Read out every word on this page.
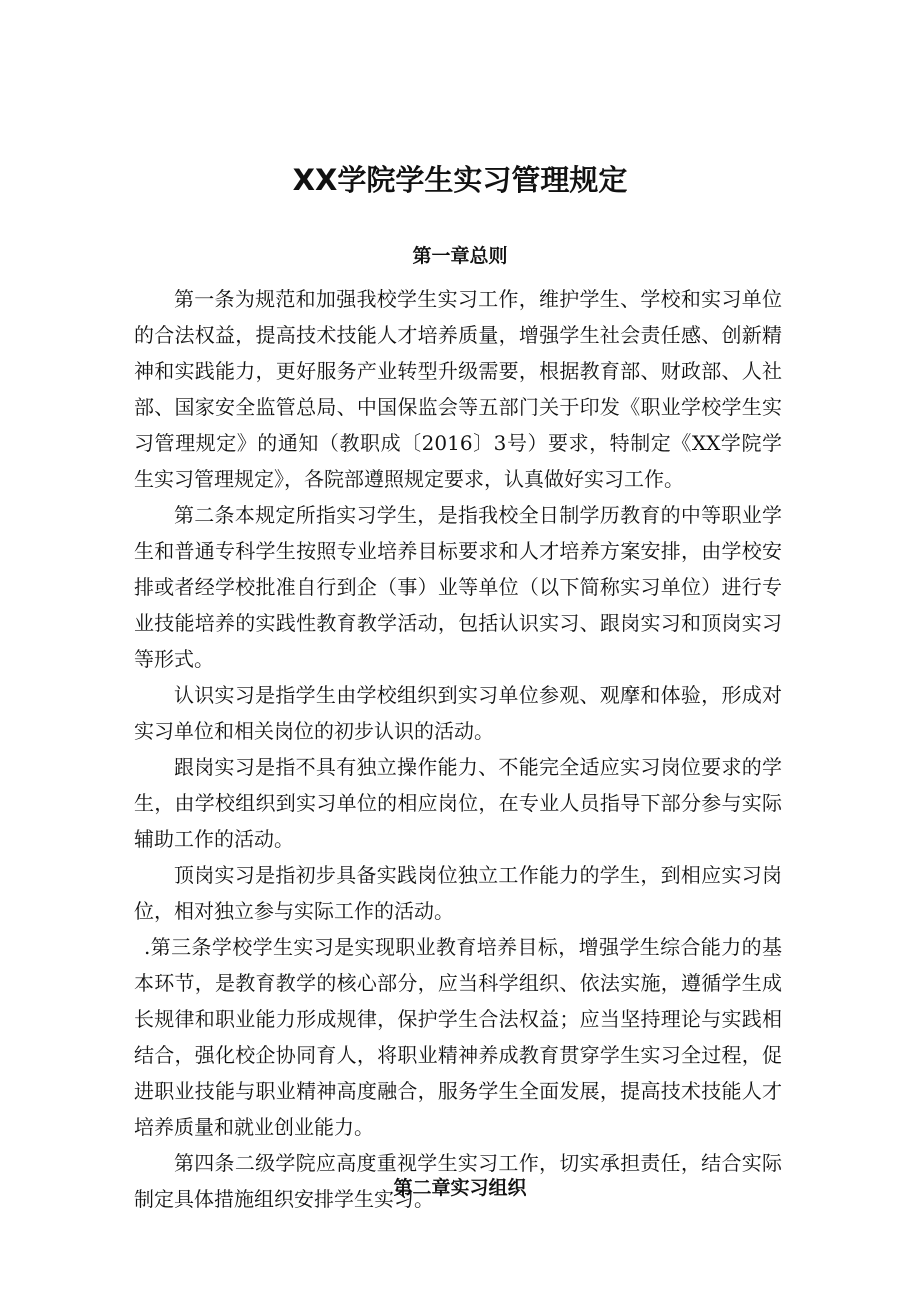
XX学院学生实习管理规定
第一章总则

第一条为规范和加强我校学生实习工作，维护学生、学校和实习单位的合法权益，提高技术技能人才培养质量，增强学生社会责任感、创新精神和实践能力，更好服务产业转型升级需要，根据教育部、财政部、人社部、国家安全监管总局、中国保监会等五部门关于印发《职业学校学生实习管理规定》的通知（教职成〔2016〕3号）要求，特制定《XX学院学生实习管理规定》，各院部遵照规定要求，认真做好实习工作。

第二条本规定所指实习学生，是指我校全日制学历教育的中等职业学生和普通专科学生按照专业培养目标要求和人才培养方案安排，由学校安排或者经学校批准自行到企（事）业等单位（以下简称实习单位）进行专业技能培养的实践性教育教学活动，包括认识实习、跟岗实习和顶岗实习等形式。

认识实习是指学生由学校组织到实习单位参观、观摩和体验，形成对实习单位和相关岗位的初步认识的活动。

跟岗实习是指不具有独立操作能力、不能完全适应实习岗位要求的学生，由学校组织到实习单位的相应岗位，在专业人员指导下部分参与实际辅助工作的活动。

顶岗实习是指初步具备实践岗位独立工作能力的学生，到相应实习岗位，相对独立参与实际工作的活动。

.第三条学校学生实习是实现职业教育培养目标，增强学生综合能力的基本环节，是教育教学的核心部分，应当科学组织、依法实施，遵循学生成长规律和职业能力形成规律，保护学生合法权益；应当坚持理论与实践相结合，强化校企协同育人，将职业精神养成教育贯穿学生实习全过程，促进职业技能与职业精神高度融合，服务学生全面发展，提高技术技能人才培养质量和就业创业能力。

第四条二级学院应高度重视学生实习工作，切实承担责任，结合实际制定具体措施组织安排学生实习。

第二章实习组织
